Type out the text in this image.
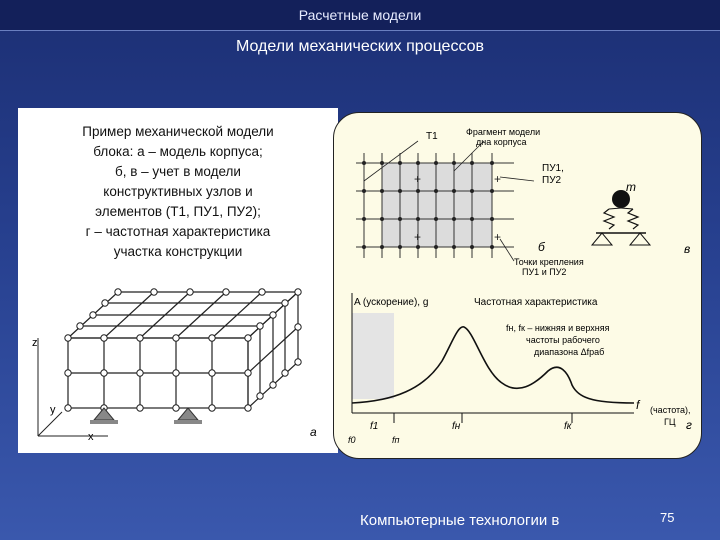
Расчетные модели
Модели механических процессов

Пример механической модели
блока: а – модель корпуса;
б, в – учет в модели
конструктивных узлов и
элементов (Т1, ПУ1, ПУ2);
г – частотная характеристика
участка конструкции

z
y
x	а
+	+
+	+
Т1	Фрагмент модели
дна корпуса
ПУ1,
ПУ2
Точки крепления
ПУ1 и ПУ2
б
m
в
Частотная характеристика
A (ускорение), g
fн, fк – нижняя и верхняя
частоты рабочего
диапазона Δfраб
f (частота),
ГЦ
f1	fн	fк
f0	fп
г
Компьютерные технологии в	75
